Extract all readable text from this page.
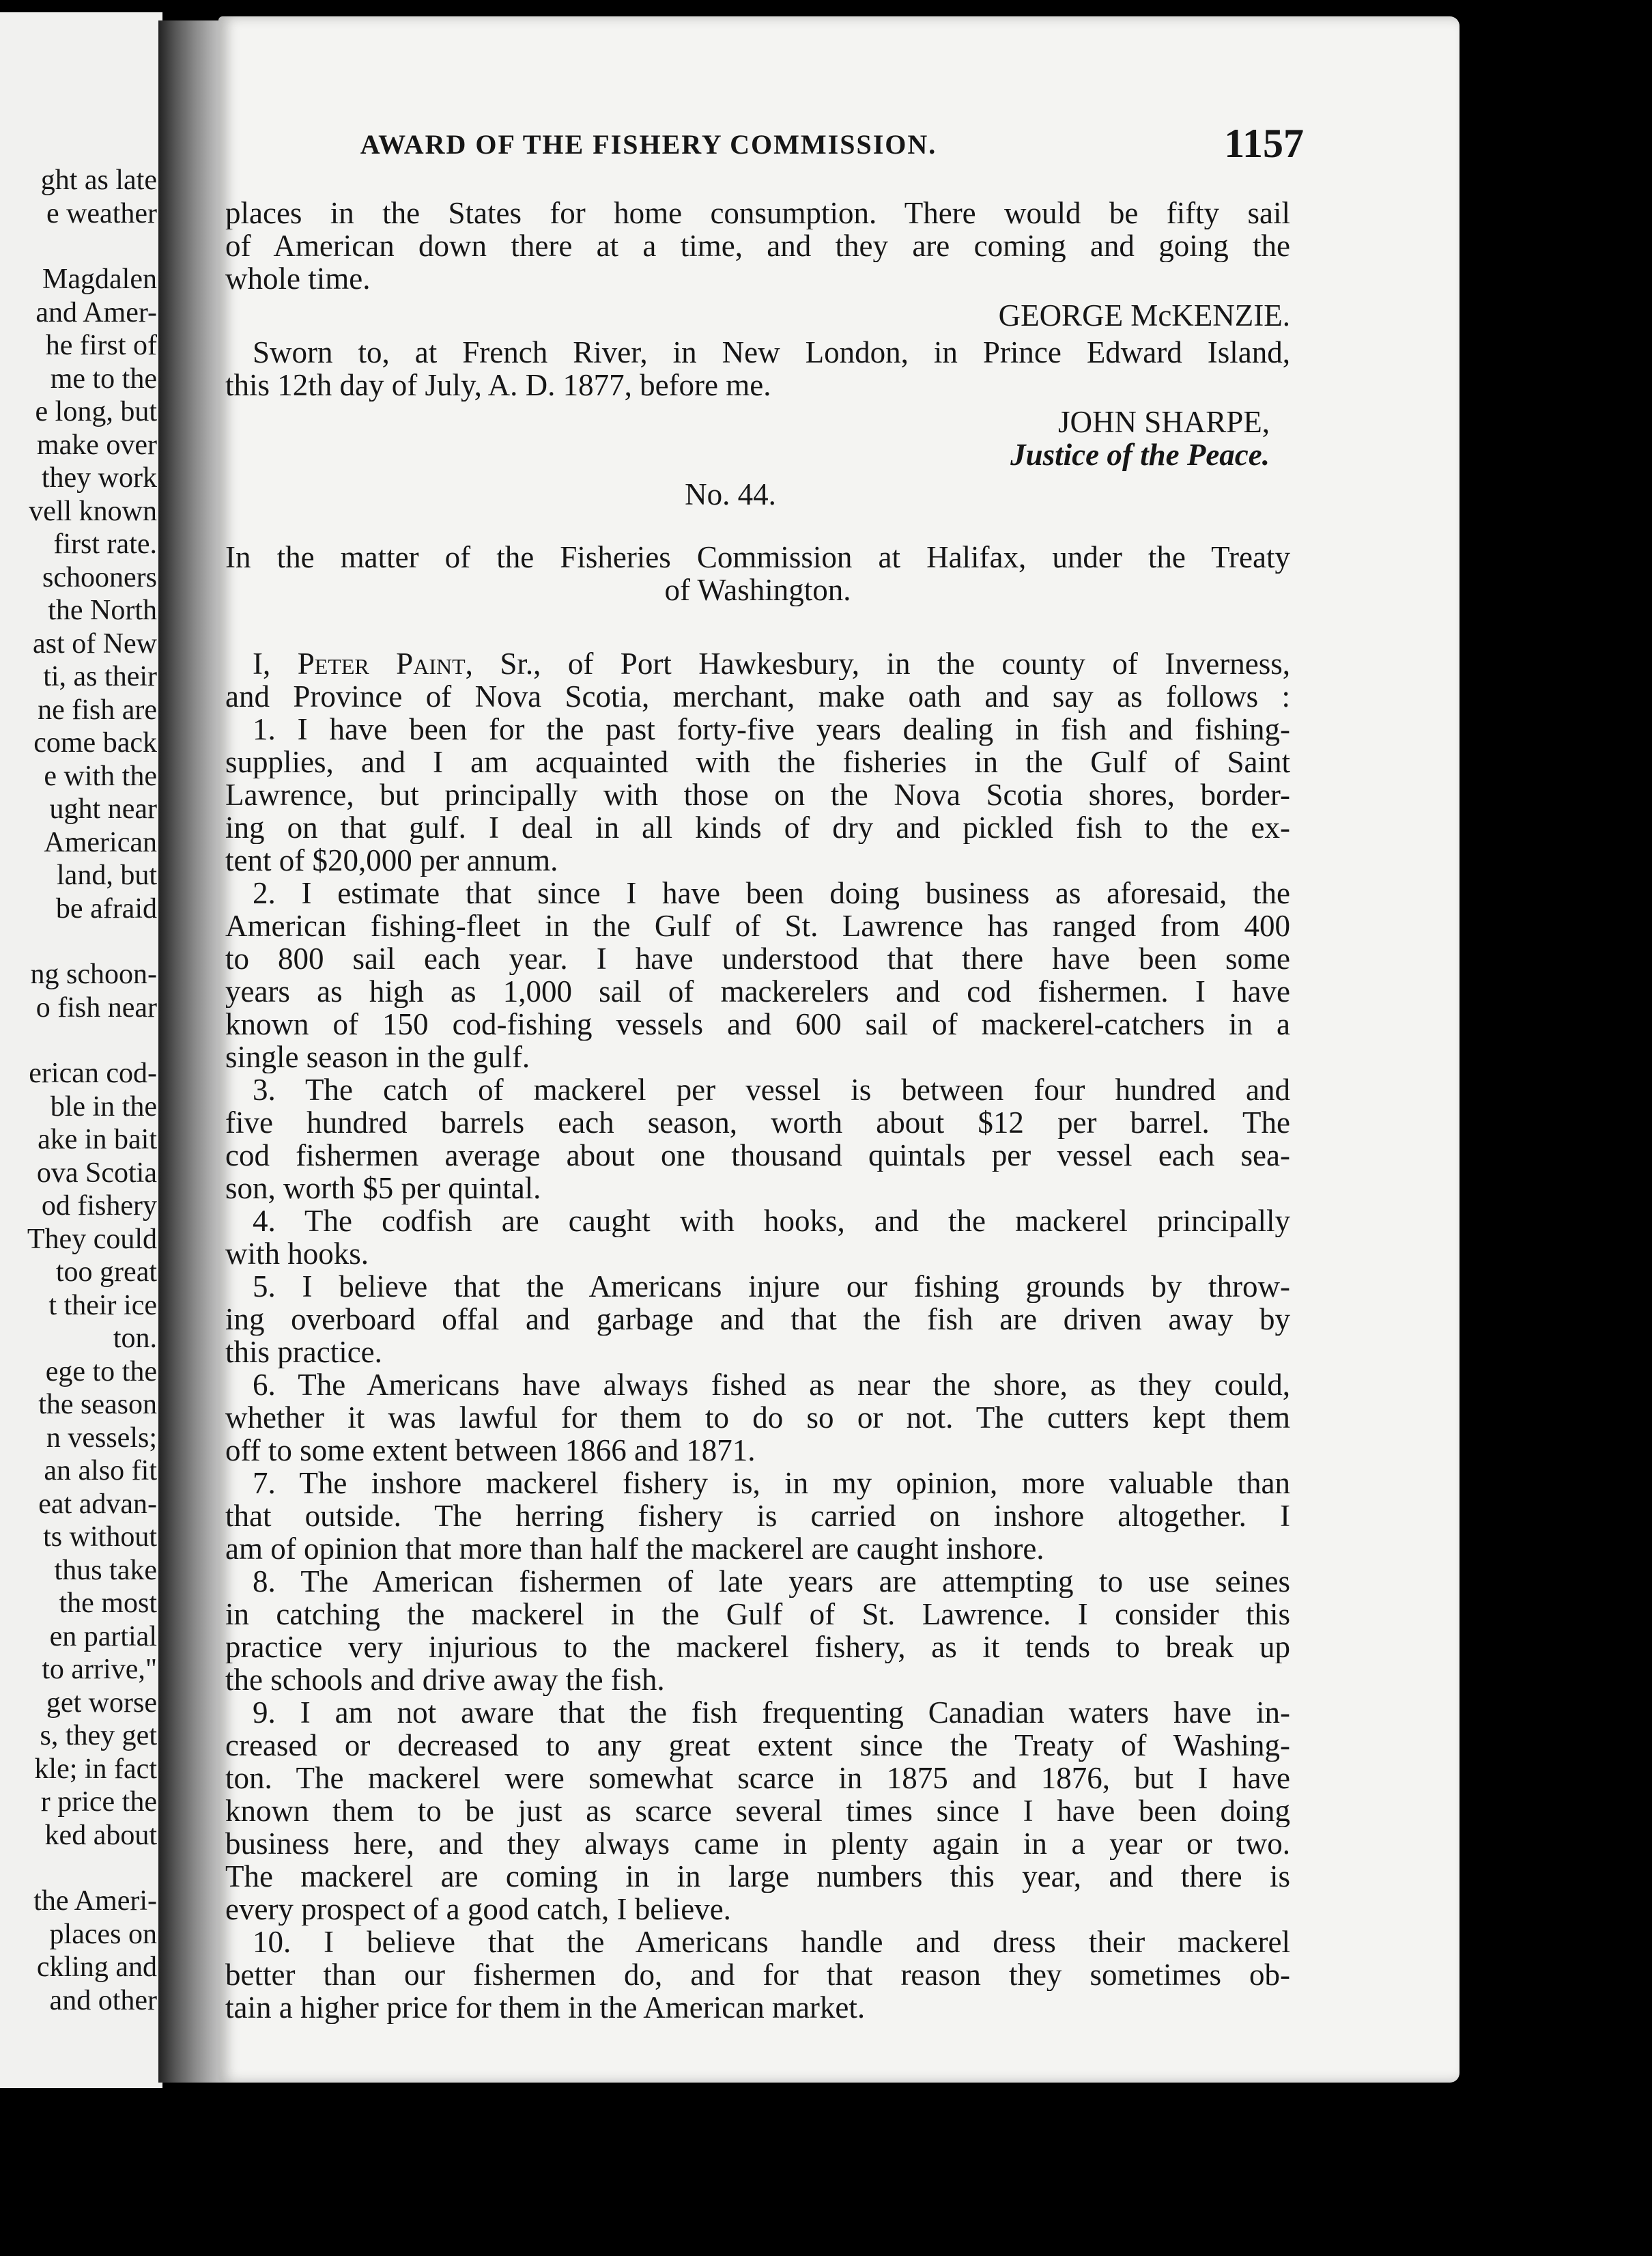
ght as late
e weather
Magdalen
and Amer-
he first of
me to the
e long, but
make over
they work
vell known
first rate.
schooners
the North
ast of New
ti, as their
ne fish are
come back
e with the
ught near
American
land, but
be afraid
ng schoon-
o fish near
erican cod-
ble in the
ake in bait
ova Scotia
od fishery
They could
too great
t their ice
ton.
ege to the
the season
n vessels;
an also fit
eat advan-
ts without
thus take
the most
en partial
to arrive,"
get worse
s, they get
kle; in fact
r price the
ked about
the Ameri-
places on
ckling and
and other
AWARD OF THE FISHERY COMMISSION.	1157
places in the States for home consumption. There would be fifty sail
of American down there at a time, and they are coming and going the
whole time.
GEORGE McKENZIE.
Sworn to, at French River, in New London, in Prince Edward Island,
this 12th day of July, A. D. 1877, before me.
JOHN SHARPE,
Justice of the Peace.
No. 44.
In the matter of the Fisheries Commission at Halifax, under the Treaty
of Washington.
I, Peter Paint, Sr., of Port Hawkesbury, in the county of Inverness,
and Province of Nova Scotia, merchant, make oath and say as follows :
1. I have been for the past forty-five years dealing in fish and fishing-
supplies, and I am acquainted with the fisheries in the Gulf of Saint
Lawrence, but principally with those on the Nova Scotia shores, border-
ing on that gulf. I deal in all kinds of dry and pickled fish to the ex-
tent of $20,000 per annum.
2. I estimate that since I have been doing business as aforesaid, the
American fishing-fleet in the Gulf of St. Lawrence has ranged from 400
to 800 sail each year. I have understood that there have been some
years as high as 1,000 sail of mackerelers and cod fishermen. I have
known of 150 cod-fishing vessels and 600 sail of mackerel-catchers in a
single season in the gulf.
3. The catch of mackerel per vessel is between four hundred and
five hundred barrels each season, worth about $12 per barrel. The
cod fishermen average about one thousand quintals per vessel each sea-
son, worth $5 per quintal.
4. The codfish are caught with hooks, and the mackerel principally
with hooks.
5. I believe that the Americans injure our fishing grounds by throw-
ing overboard offal and garbage and that the fish are driven away by
this practice.
6. The Americans have always fished as near the shore, as they could,
whether it was lawful for them to do so or not. The cutters kept them
off to some extent between 1866 and 1871.
7. The inshore mackerel fishery is, in my opinion, more valuable than
that outside. The herring fishery is carried on inshore altogether. I
am of opinion that more than half the mackerel are caught inshore.
8. The American fishermen of late years are attempting to use seines
in catching the mackerel in the Gulf of St. Lawrence. I consider this
practice very injurious to the mackerel fishery, as it tends to break up
the schools and drive away the fish.
9. I am not aware that the fish frequenting Canadian waters have in-
creased or decreased to any great extent since the Treaty of Washing-
ton. The mackerel were somewhat scarce in 1875 and 1876, but I have
known them to be just as scarce several times since I have been doing
business here, and they always came in plenty again in a year or two.
The mackerel are coming in in large numbers this year, and there is
every prospect of a good catch, I believe.
10. I believe that the Americans handle and dress their mackerel
better than our fishermen do, and for that reason they sometimes ob-
tain a higher price for them in the American market.
